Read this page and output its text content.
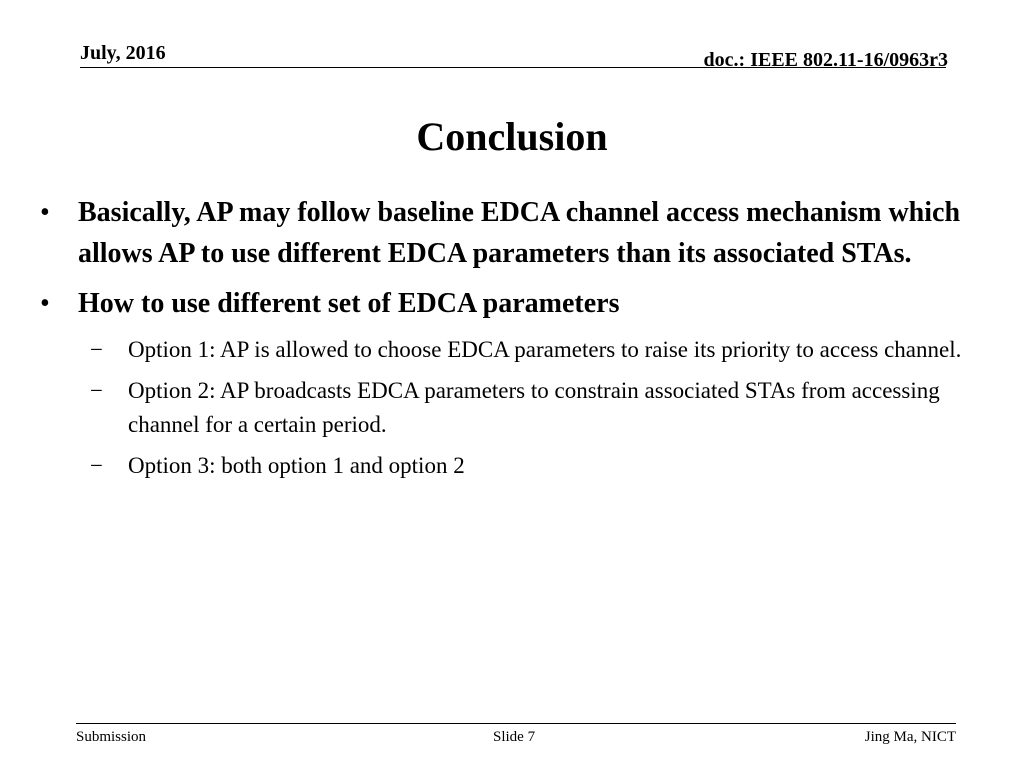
July, 2016	doc.: IEEE 802.11-16/0963r3
Conclusion
•	Basically, AP may follow baseline EDCA channel access mechanism which allows AP to use different EDCA parameters than its associated STAs.
•	How to use different set of EDCA parameters
− Option 1: AP is allowed to choose EDCA parameters to raise its priority to access channel.
− Option 2: AP broadcasts EDCA parameters to constrain associated STAs from accessing channel for a certain period.
− Option 3: both option 1 and option 2
Submission	Slide 7	Jing Ma, NICT
